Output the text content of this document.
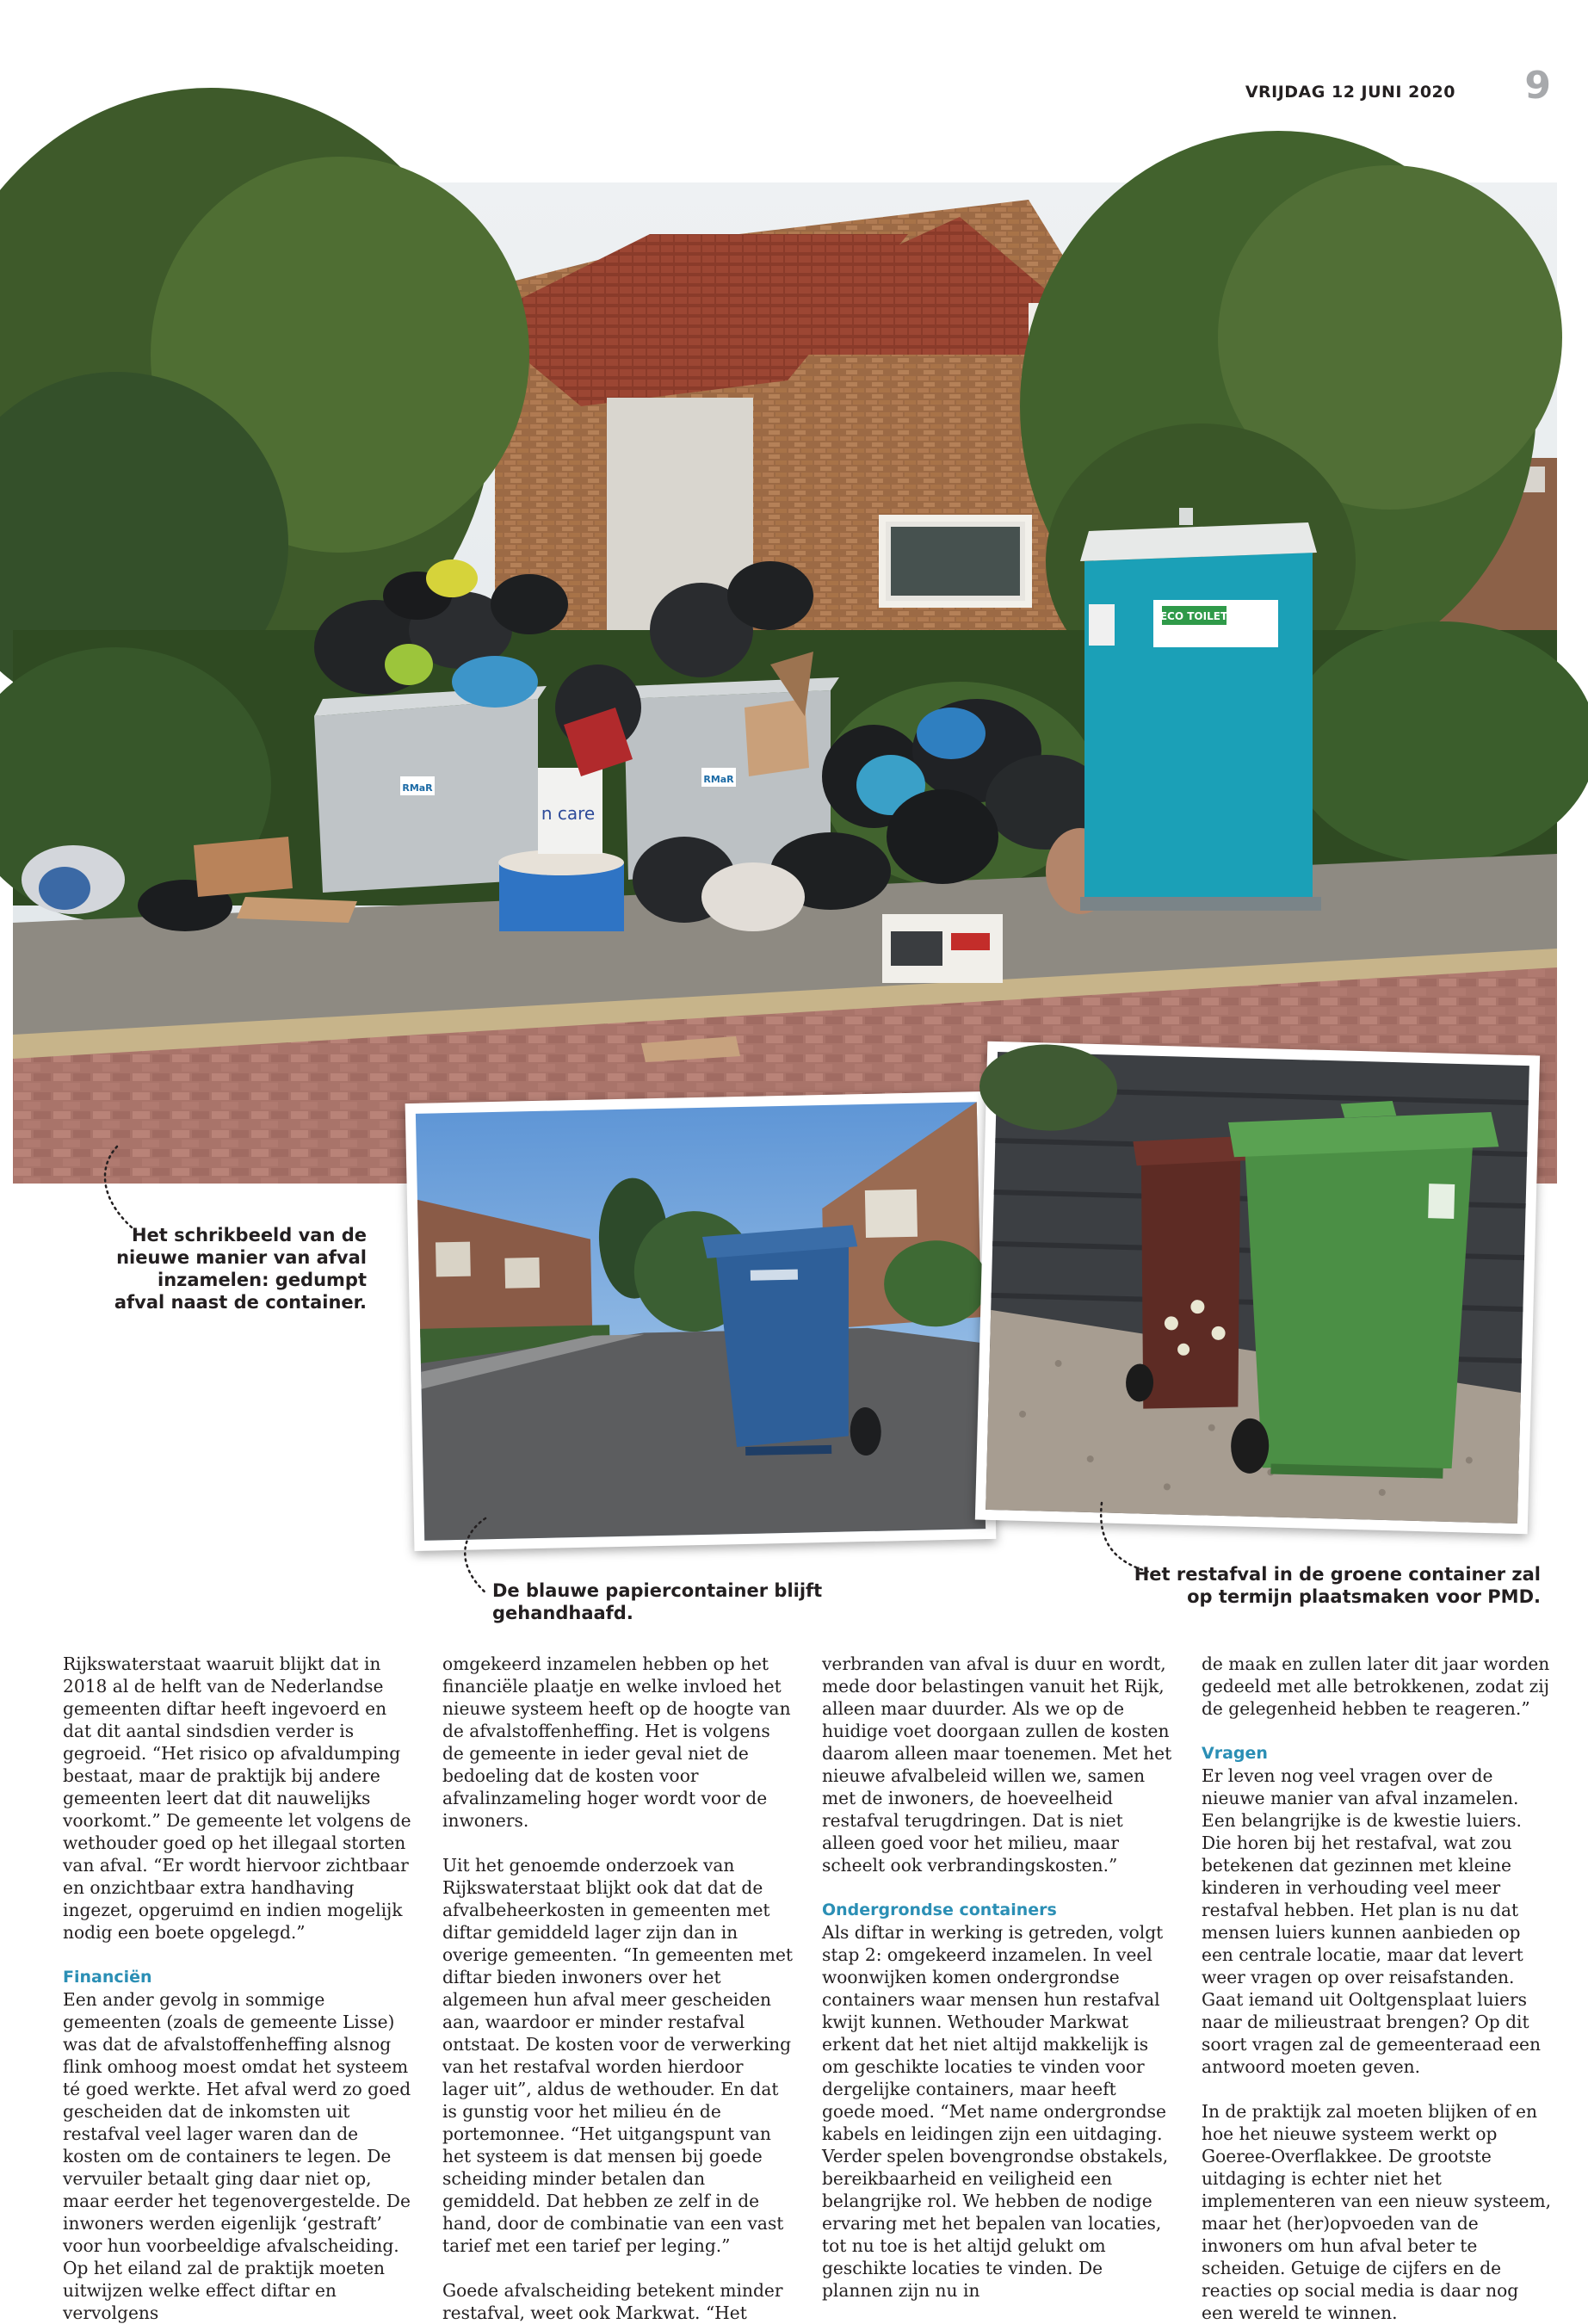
VRIJDAG 12 JUNI 2020	9
RMaR
RMaR
n care
ECO TOILET
Het schrikbeeld van de nieuwe manier van afval inzamelen: gedumpt afval naast de container.
De blauwe papiercontainer blijft gehandhaafd.
Het restafval in de groene container zal op termijn plaatsmaken voor PMD.

Rijkswaterstaat waaruit blijkt dat in 2018 al de helft van de Nederlandse gemeenten diftar heeft ingevoerd en dat dit aantal sindsdien verder is gegroeid. “Het risico op afvaldumping bestaat, maar de praktijk bij andere gemeenten leert dat dit nauwelijks voorkomt.” De gemeente let volgens de wethouder goed op het illegaal storten van afval. “Er wordt hiervoor zichtbaar en onzichtbaar extra handhaving ingezet, opgeruimd en indien mogelijk nodig een boete opgelegd.”

Financiën
Een ander gevolg in sommige gemeenten (zoals de gemeente Lisse) was dat de afvalstoffenheffing alsnog flink omhoog moest omdat het systeem té goed werkte. Het afval werd zo goed gescheiden dat de inkomsten uit restafval veel lager waren dan de kosten om de containers te legen. De vervuiler betaalt ging daar niet op, maar eerder het tegenovergestelde. De inwoners werden eigenlijk ‘gestraft’ voor hun voorbeeldige afvalscheiding.
Op het eiland zal de praktijk moeten uitwijzen welke effect diftar en vervolgens

omgekeerd inzamelen hebben op het financiële plaatje en welke invloed het nieuwe systeem heeft op de hoogte van de afvalstoffenheffing. Het is volgens de gemeente in ieder geval niet de bedoeling dat de kosten voor afvalinzameling hoger wordt voor de inwoners.

Uit het genoemde onderzoek van Rijkswaterstaat blijkt ook dat dat de afvalbeheerkosten in gemeenten met diftar gemiddeld lager zijn dan in overige gemeenten. “In gemeenten met diftar bieden inwoners over het algemeen hun afval meer gescheiden aan, waardoor er minder restafval ontstaat. De kosten voor de verwerking van het restafval worden hierdoor lager uit”, aldus de wethouder. En dat is gunstig voor het milieu én de portemonnee. “Het uitgangspunt van het systeem is dat mensen bij goede scheiding minder betalen dan gemiddeld. Dat hebben ze zelf in de hand, door de combinatie van een vast tarief met een tarief per leging.”

Goede afvalscheiding betekent minder restafval, weet ook Markwat. “Het

verbranden van afval is duur en wordt, mede door belastingen vanuit het Rijk, alleen maar duurder. Als we op de huidige voet doorgaan zullen de kosten daarom alleen maar toenemen. Met het nieuwe afvalbeleid willen we, samen met de inwoners, de hoeveelheid restafval terugdringen. Dat is niet alleen goed voor het milieu, maar scheelt ook verbrandingskosten.”

Ondergrondse containers
Als diftar in werking is getreden, volgt stap 2: omgekeerd inzamelen. In veel woonwijken komen ondergrondse containers waar mensen hun restafval kwijt kunnen. Wethouder Markwat erkent dat het niet altijd makkelijk is om geschikte locaties te vinden voor dergelijke containers, maar heeft goede moed. “Met name ondergrondse kabels en leidingen zijn een uitdaging. Verder spelen bovengrondse obstakels, bereikbaarheid en veiligheid een belangrijke rol. We hebben de nodige ervaring met het bepalen van locaties, tot nu toe is het altijd gelukt om geschikte locaties te vinden. De plannen zijn nu in

de maak en zullen later dit jaar worden gedeeld met alle betrokkenen, zodat zij de gelegenheid hebben te reageren.”

Vragen
Er leven nog veel vragen over de nieuwe manier van afval inzamelen. Een belangrijke is de kwestie luiers. Die horen bij het restafval, wat zou betekenen dat gezinnen met kleine kinderen in verhouding veel meer restafval hebben. Het plan is nu dat mensen luiers kunnen aanbieden op een centrale locatie, maar dat levert weer vragen op over reisafstanden. Gaat iemand uit Ooltgensplaat luiers naar de milieustraat brengen? Op dit soort vragen zal de gemeenteraad een antwoord moeten geven.

In de praktijk zal moeten blijken of en hoe het nieuwe systeem werkt op Goeree-Overflakkee. De grootste uitdaging is echter niet het implementeren van een nieuw systeem, maar het (her)opvoeden van de inwoners om hun afval beter te scheiden. Getuige de cijfers en de reacties op social media is daar nog een wereld te winnen.
